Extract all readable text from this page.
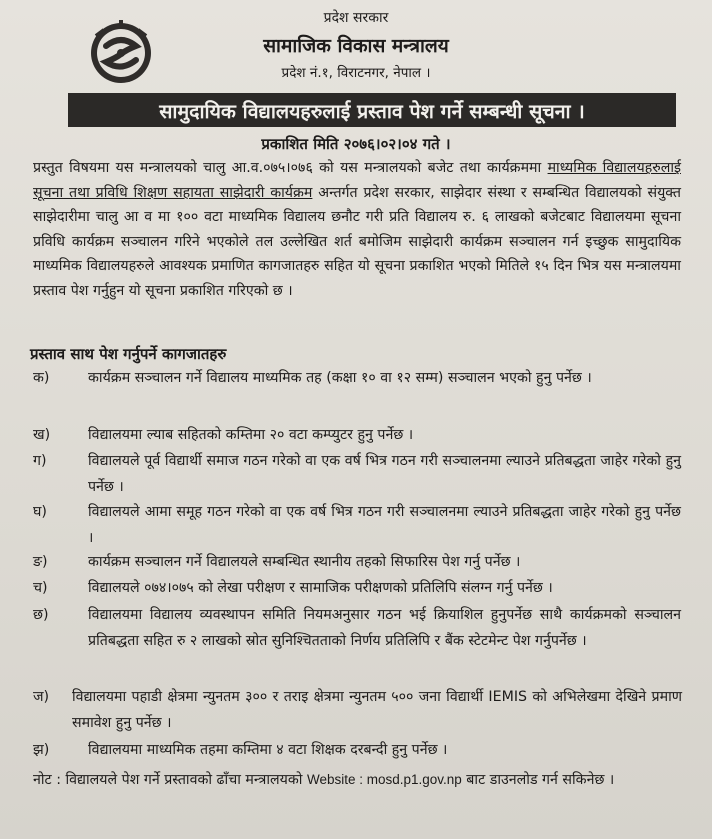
प्रदेश सरकार
सामाजिक विकास मन्त्रालय
प्रदेश नं.१, विराटनगर, नेपाल ।
सामुदायिक विद्यालयहरुलाई प्रस्ताव पेश गर्ने सम्बन्धी सूचना ।
प्रकाशित मिति २०७६।०२।०४ गते ।
प्रस्तुत विषयमा यस मन्त्रालयको चालु आ.व.०७५।०७६ को यस मन्त्रालयको बजेट तथा कार्यक्रममा माध्यमिक विद्यालयहरुलाई सूचना तथा प्रविधि शिक्षण सहायता साझेदारी कार्यक्रम अन्तर्गत प्रदेश सरकार, साझेदार संस्था र सम्बन्धित विद्यालयको संयुक्त साझेदारीमा चालु आ व मा १०० वटा माध्यमिक विद्यालय छनौट गरी प्रति विद्यालय रु. ६ लाखको बजेटबाट विद्यालयमा सूचना प्रविधि कार्यक्रम सञ्चालन गरिने भएकोले तल उल्लेखित शर्त बमोजिम साझेदारी कार्यक्रम सञ्चालन गर्न इच्छुक सामुदायिक माध्यमिक विद्यालयहरुले आवश्यक प्रमाणित कागजातहरु सहित यो सूचना प्रकाशित भएको मितिले १५ दिन भित्र यस मन्त्रालयमा प्रस्ताव पेश गर्नुहुन यो सूचना प्रकाशित गरिएको छ ।
प्रस्ताव साथ पेश गर्नुपर्ने कागजातहरु
क)	कार्यक्रम सञ्चालन गर्ने विद्यालय माध्यमिक तह (कक्षा १० वा १२ सम्म) सञ्चालन भएको हुनु पर्नेछ ।
ख)	विद्यालयमा ल्याब सहितको कम्तिमा २० वटा कम्प्युटर हुनु पर्नेछ ।
ग)	विद्यालयले पूर्व विद्यार्थी समाज गठन गरेको वा एक वर्ष भित्र गठन गरी सञ्चालनमा ल्याउने प्रतिबद्धता जाहेर गरेको हुनु पर्नेछ ।
घ)	विद्यालयले आमा समूह गठन गरेको वा एक वर्ष भित्र गठन गरी सञ्चालनमा ल्याउने प्रतिबद्धता जाहेर गरेको हुनु पर्नेछ ।
ङ)	कार्यक्रम सञ्चालन गर्ने विद्यालयले सम्बन्धित स्थानीय तहको सिफारिस पेश गर्नु पर्नेछ ।
च)	विद्यालयले ०७४।०७५ को लेखा परीक्षण र सामाजिक परीक्षणको प्रतिलिपि संलग्न गर्नु पर्नेछ ।
छ)	विद्यालयमा विद्यालय व्यवस्थापन समिति नियमअनुसार गठन भई क्रियाशिल हुनुपर्नेछ साथै कार्यक्रमको सञ्चालन प्रतिबद्धता सहित रु २ लाखको स्रोत सुनिश्चितताको निर्णय प्रतिलिपि र बैंक स्टेटमेन्ट पेश गर्नुपर्नेछ ।
ज) विद्यालयमा पहाडी क्षेत्रमा न्युनतम ३०० र तराइ क्षेत्रमा न्युनतम ५०० जना विद्यार्थी IEMIS को अभिलेखमा देखिने प्रमाण समावेश हुनु पर्नेछ ।
झ)	विद्यालयमा माध्यमिक तहमा कम्तिमा ४ वटा शिक्षक दरबन्दी हुनु पर्नेछ ।
नोट : विद्यालयले पेश गर्ने प्रस्तावको ढाँचा मन्त्रालयको Website : mosd.p1.gov.np बाट डाउनलोड गर्न सकिनेछ ।
